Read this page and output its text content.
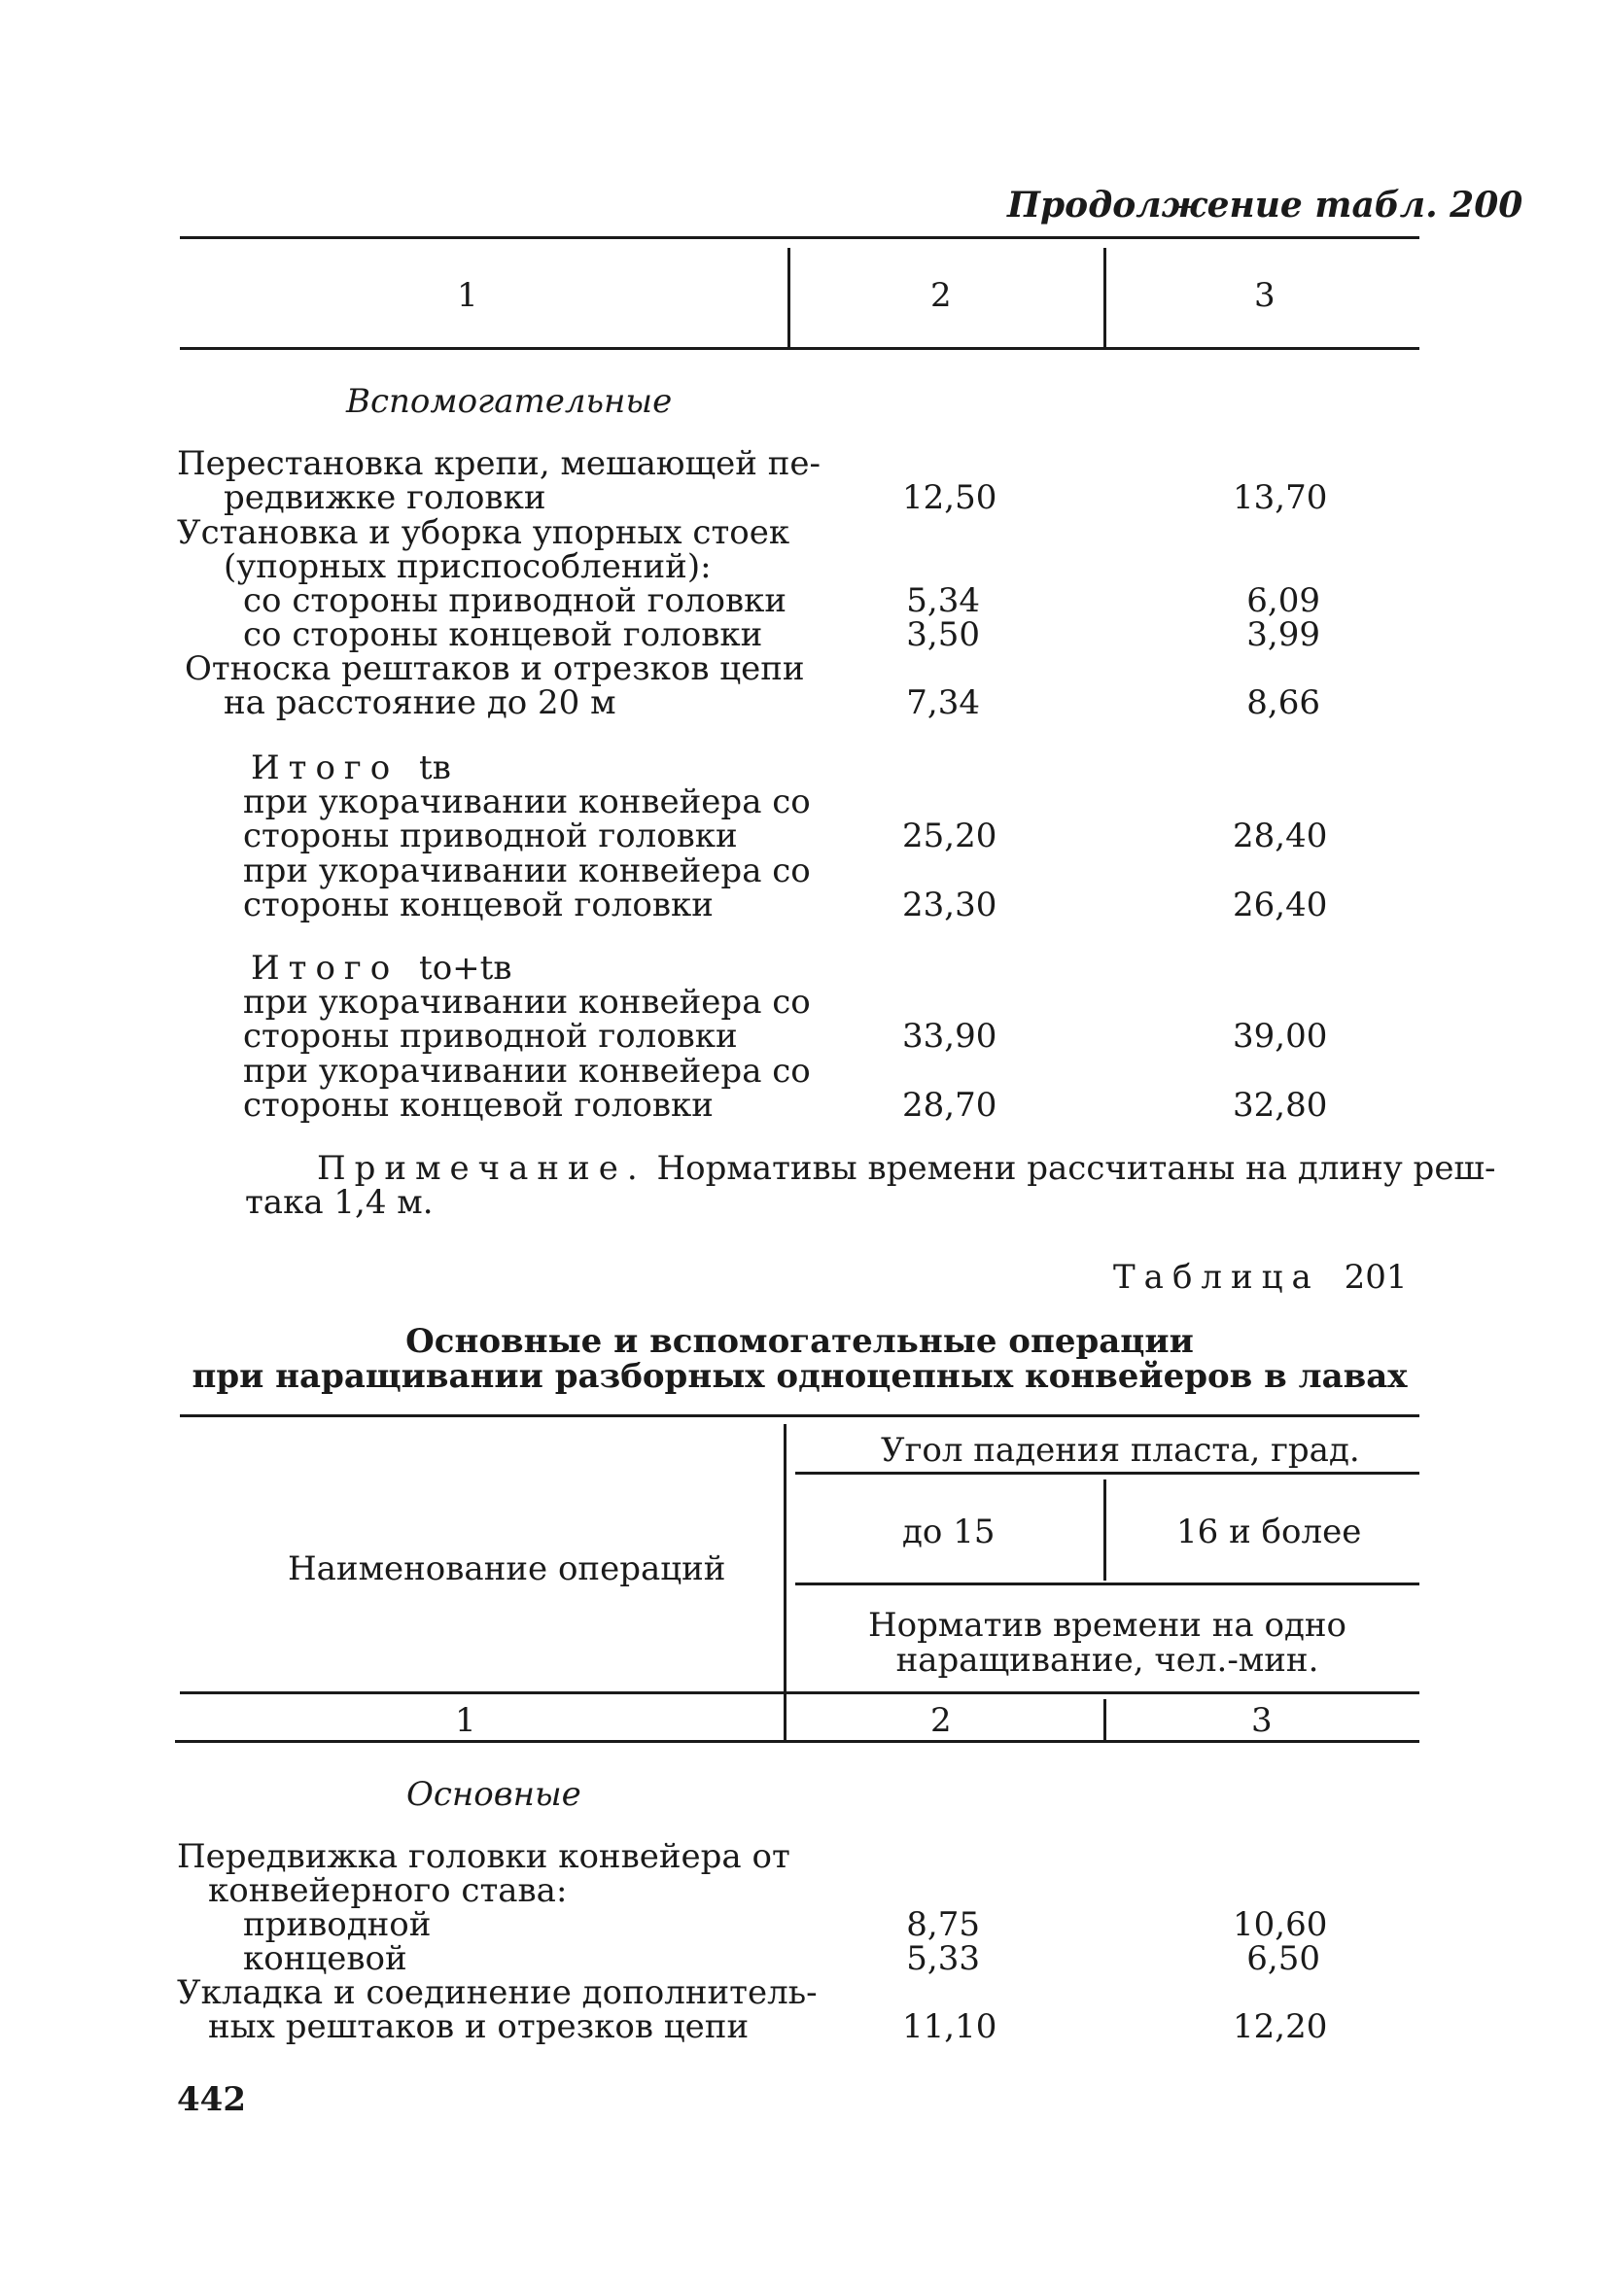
Продолжение табл. 200
1	2	3
Вспомогательные
Перестановка крепи, мешающей пе-
редвижке головки	12,50	13,70
Установка и уборка упорных стоек
(упорных приспособлений):
со стороны приводной головки	5,34	6,09
со стороны концевой головки	3,50	3,99
Относка рештаков и отрезков цепи
на расстояние до 20 м	7,34	8,66
Итого tв
при укорачивании конвейера со
стороны приводной головки	25,20	28,40
при укорачивании конвейера со
стороны концевой головки	23,30	26,40
Итого tо+tв
при укорачивании конвейера со
стороны приводной головки	33,90	39,00
при укорачивании конвейера со
стороны концевой головки	28,70	32,80
Примечание. Нормативы времени рассчитаны на длину реш-
така 1,4 м.
Таблица 201
Основные и вспомогательные операции
при наращивании разборных одноцепных конвейеров в лавах
Угол падения пласта, град.
до 15	16 и более
Наименование операций
Норматив времени на одно
наращивание, чел.-мин.
1	2	3
Основные
Передвижка головки конвейера от
конвейерного става:
приводной	8,75	10,60
концевой	5,33	6,50
Укладка и соединение дополнитель-
ных рештаков и отрезков цепи	11,10	12,20
442
